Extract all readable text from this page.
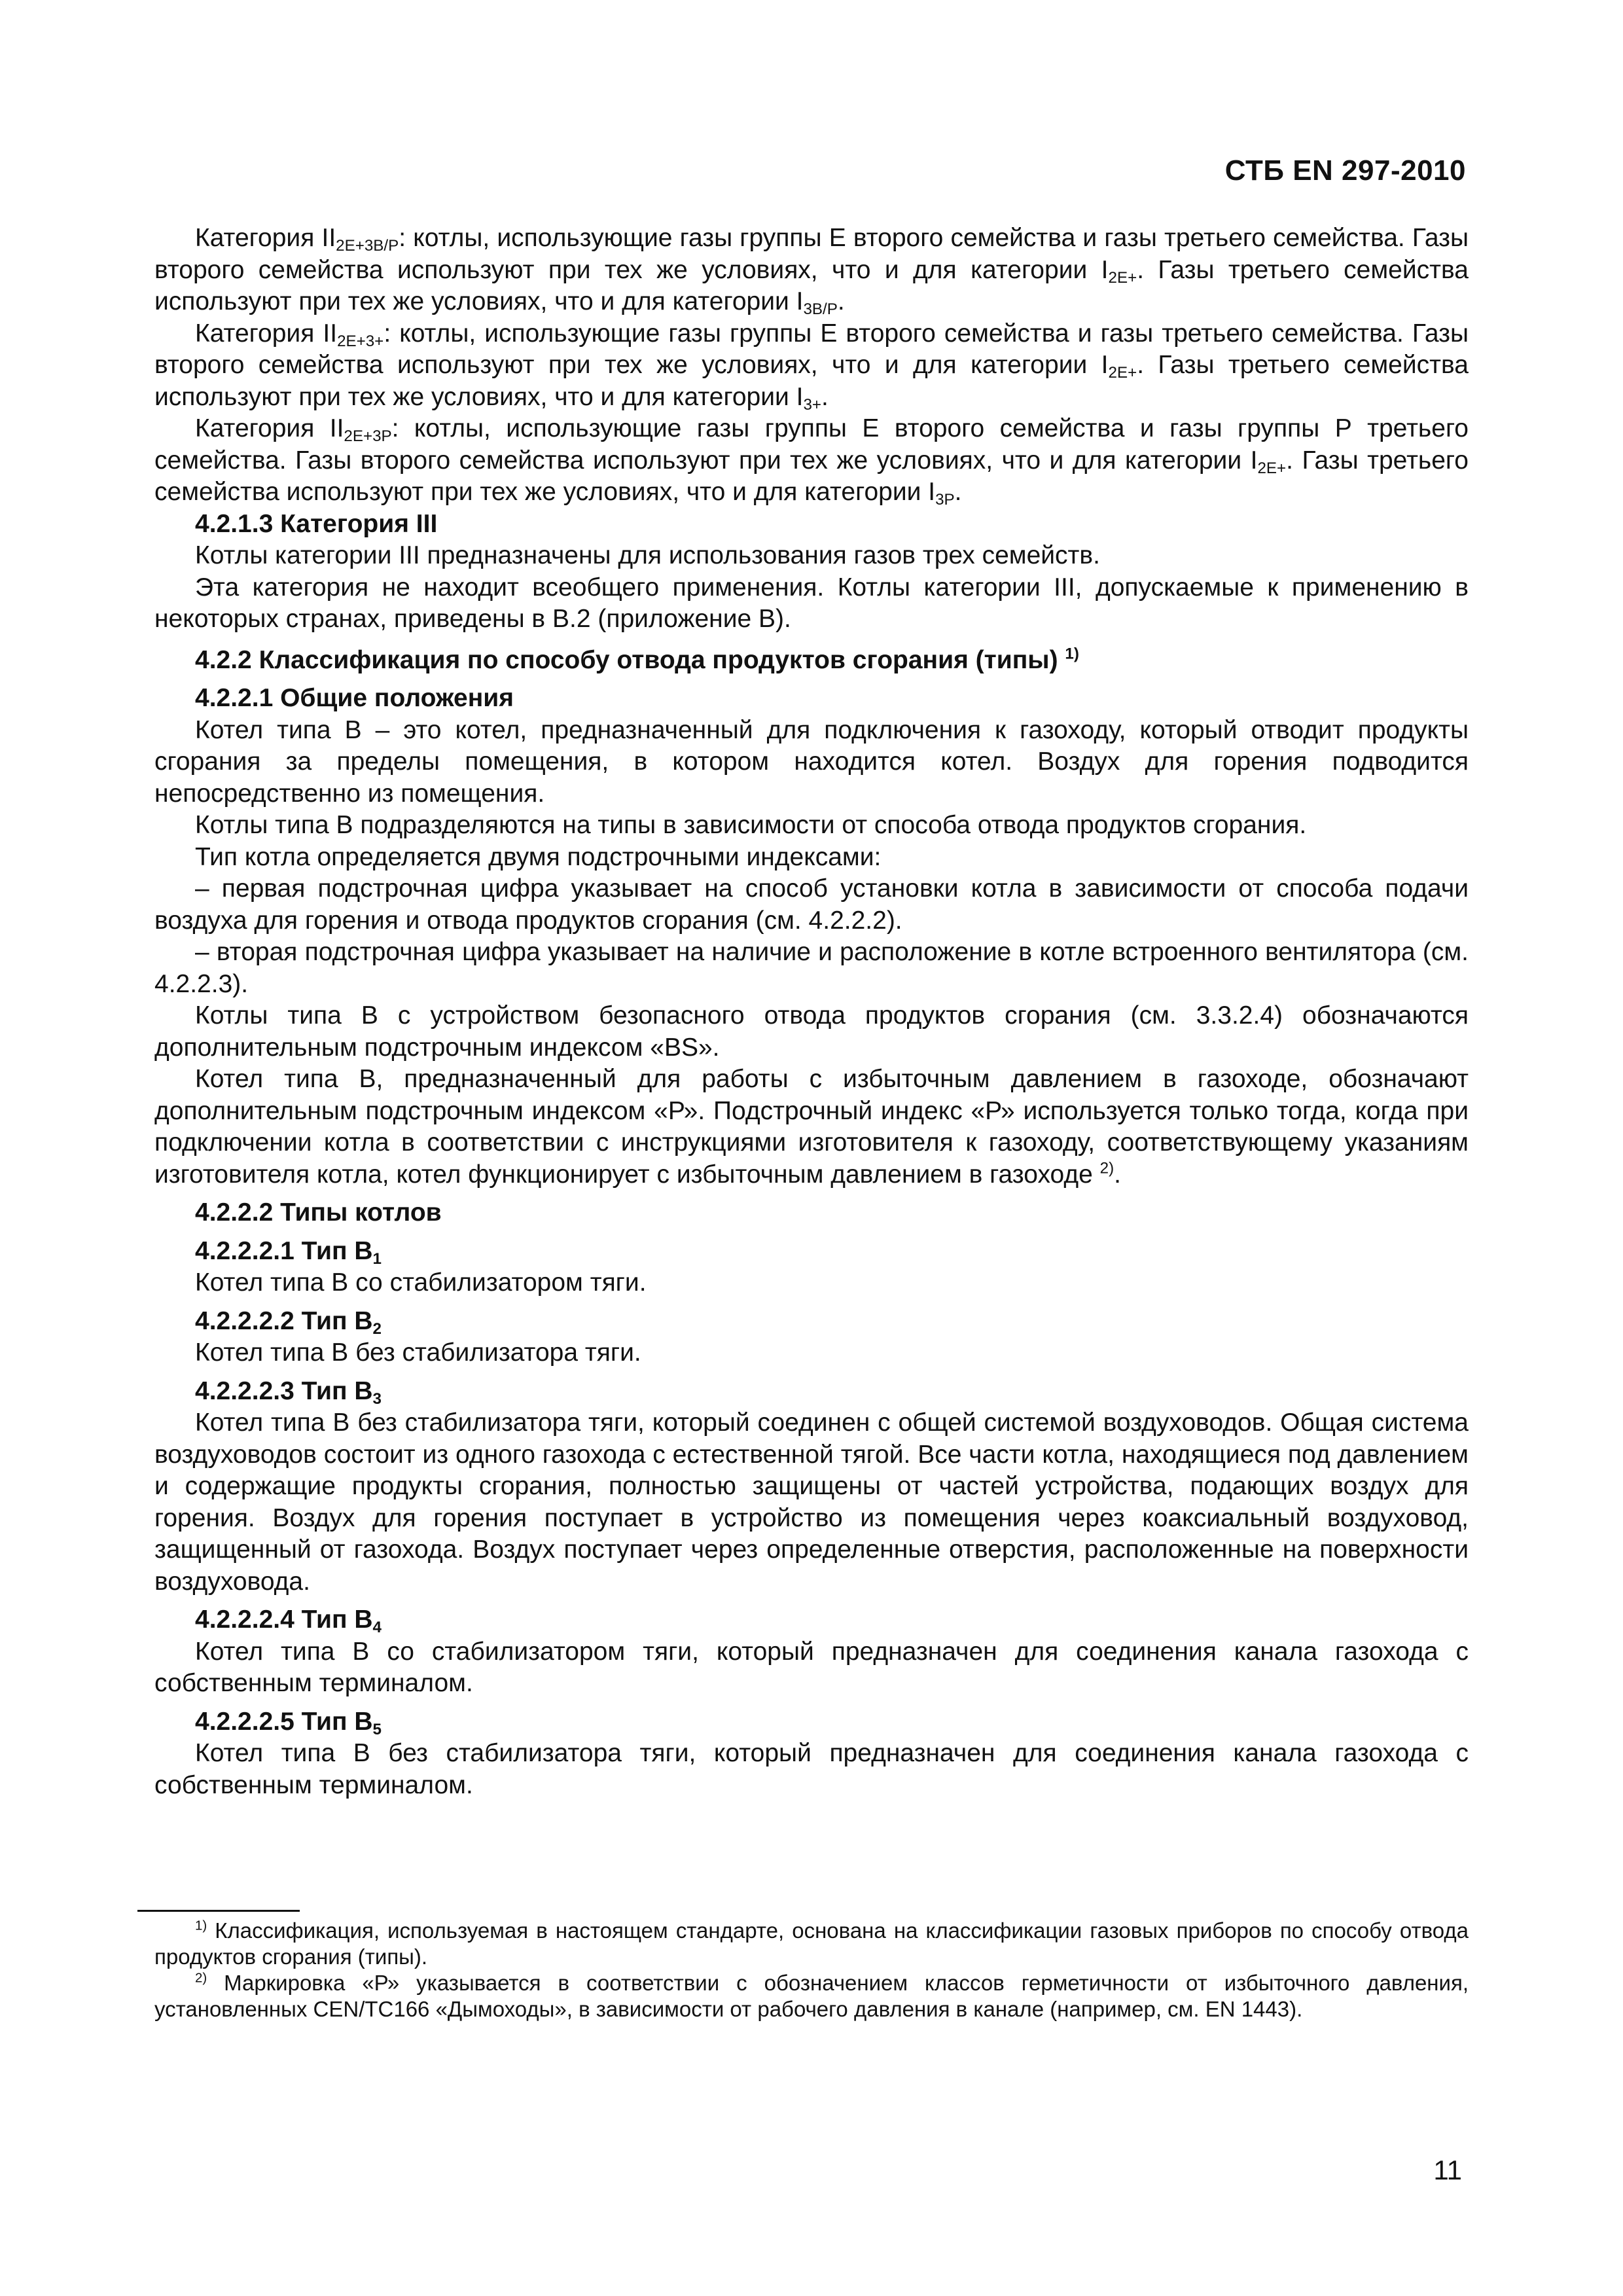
СТБ EN 297-2010

Категория $II_{2E+3B/P}$: котлы, использующие газы группы Е второго семейства и газы третьего семейства. Газы второго семейства используют при тех же условиях, что и для категории $I_{2E+}$. Газы третьего семейства используют при тех же условиях, что и для категории $I_{3B/P}$.

Категория $II_{2E+3+}$: котлы, использующие газы группы Е второго семейства и газы третьего семейства. Газы второго семейства используют при тех же условиях, что и для категории $I_{2E+}$. Газы третьего семейства используют при тех же условиях, что и для категории $I_{3+}$.

Категория $II_{2E+3P}$: котлы, использующие газы группы Е второго семейства и газы группы Р третьего семейства. Газы второго семейства используют при тех же условиях, что и для категории $I_{2E+}$. Газы третьего семейства используют при тех же условиях, что и для категории $I_{3P}$.

4.2.1.3 Категория III

Котлы категории III предназначены для использования газов трех семейств.

Эта категория не находит всеобщего применения. Котлы категории III, допускаемые к применению в некоторых странах, приведены в В.2 (приложение В).

4.2.2 Классификация по способу отвода продуктов сгорания (типы) $^{1)}$

4.2.2.1 Общие положения

Котел типа В – это котел, предназначенный для подключения к газоходу, который отводит продукты сгорания за пределы помещения, в котором находится котел. Воздух для горения подводится непосредственно из помещения.

Котлы типа В подразделяются на типы в зависимости от способа отвода продуктов сгорания.

Тип котла определяется двумя подстрочными индексами:

– первая подстрочная цифра указывает на способ установки котла в зависимости от способа подачи воздуха для горения и отвода продуктов сгорания (см. 4.2.2.2).

– вторая подстрочная цифра указывает на наличие и расположение в котле встроенного вентилятора (см. 4.2.2.3).

Котлы типа В с устройством безопасного отвода продуктов сгорания (см. 3.3.2.4) обозначаются дополнительным подстрочным индексом «BS».

Котел типа В, предназначенный для работы с избыточным давлением в газоходе, обозначают дополнительным подстрочным индексом «Р». Подстрочный индекс «Р» используется только тогда, когда при подключении котла в соответствии с инструкциями изготовителя к газоходу, соответствующему указаниям изготовителя котла, котел функционирует с избыточным давлением в газоходе $^{2)}$.

4.2.2.2 Типы котлов

4.2.2.2.1 Тип $В_1$

Котел типа В со стабилизатором тяги.

4.2.2.2.2 Тип $В_2$

Котел типа В без стабилизатора тяги.

4.2.2.2.3 Тип $В_3$

Котел типа В без стабилизатора тяги, который соединен с общей системой воздуховодов. Общая система воздуховодов состоит из одного газохода с естественной тягой. Все части котла, находящиеся под давлением и содержащие продукты сгорания, полностью защищены от частей устройства, подающих воздух для горения. Воздух для горения поступает в устройство из помещения через коаксиальный воздуховод, защищенный от газохода. Воздух поступает через определенные отверстия, расположенные на поверхности воздуховода.

4.2.2.2.4 Тип $В_4$

Котел типа В со стабилизатором тяги, который предназначен для соединения канала газохода с собственным терминалом.

4.2.2.2.5 Тип $В_5$

Котел типа В без стабилизатора тяги, который предназначен для соединения канала газохода с собственным терминалом.

$^{1)}$ Классификация, используемая в настоящем стандарте, основана на классификации газовых приборов по способу отвода продуктов сгорания (типы).

$^{2)}$ Маркировка «Р» указывается в соответствии с обозначением классов герметичности от избыточного давления, установленных CEN/TC166 «Дымоходы», в зависимости от рабочего давления в канале (например, см. EN 1443).

11
